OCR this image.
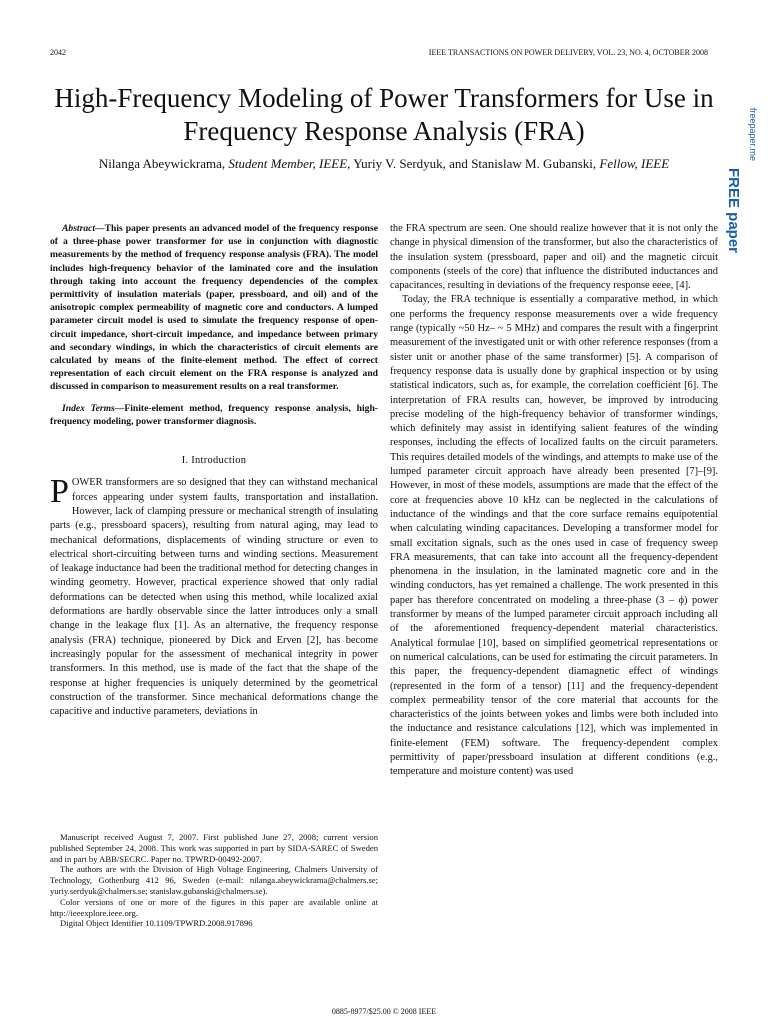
2042	IEEE TRANSACTIONS ON POWER DELIVERY, VOL. 23, NO. 4, OCTOBER 2008
High-Frequency Modeling of Power Transformers for Use in Frequency Response Analysis (FRA)
Nilanga Abeywickrama, Student Member, IEEE, Yuriy V. Serdyuk, and Stanislaw M. Gubanski, Fellow, IEEE
freepaper.me
FREE paper

Abstract—This paper presents an advanced model of the frequency response of a three-phase power transformer for use in conjunction with diagnostic measurements by the method of frequency response analysis (FRA). The model includes high-frequency behavior of the laminated core and the insulation through taking into account the frequency dependencies of the complex permittivity of insulation materials (paper, pressboard, and oil) and of the anisotropic complex permeability of magnetic core and conductors. A lumped parameter circuit model is used to simulate the frequency response of open-circuit impedance, short-circuit impedance, and impedance between primary and secondary windings, in which the characteristics of circuit elements are calculated by means of the finite-element method. The effect of correct representation of each circuit element on the FRA response is analyzed and discussed in comparison to measurement results on a real transformer.

Index Terms—Finite-element method, frequency response analysis, high-frequency modeling, power transformer diagnosis.

I. Introduction

POWER transformers are so designed that they can withstand mechanical forces appearing under system faults, transportation and installation. However, lack of clamping pressure or mechanical strength of insulating parts (e.g., pressboard spacers), resulting from natural aging, may lead to mechanical deformations, displacements of winding structure or even to electrical short-circuiting between turns and winding sections. Measurement of leakage inductance had been the traditional method for detecting changes in winding geometry. However, practical experience showed that only radial deformations can be detected when using this method, while localized axial deformations are hardly observable since the latter introduces only a small change in the leakage flux [1]. As an alternative, the frequency response analysis (FRA) technique, pioneered by Dick and Erven [2], has become increasingly popular for the assessment of mechanical integrity in power transformers. In this method, use is made of the fact that the shape of the response at higher frequencies is uniquely determined by the geometrical construction of the transformer. Since mechanical deformations change the capacitive and inductive parameters, deviations in

Manuscript received August 7, 2007. First published June 27, 2008; current version published September 24, 2008. This work was supported in part by SIDA-SAREC of Sweden and in part by ABB/SECRC. Paper no. TPWRD-00492-2007.

The authors are with the Division of High Voltage Engineering, Chalmers University of Technology, Gothenburg 412 96, Sweden (e-mail: nilanga.abeywickrama@chalmers.se; yuriy.serdyuk@chalmers.se; stanislaw.gubanski@chalmers.se).

Color versions of one or more of the figures in this paper are available online at http://ieeexplore.ieee.org.

Digital Object Identifier 10.1109/TPWRD.2008.917896

the FRA spectrum are seen. One should realize however that it is not only the change in physical dimension of the transformer, but also the characteristics of the insulation system (pressboard, paper and oil) and the magnetic circuit components (steels of the core) that influence the distributed inductances and capacitances, resulting in deviations of the frequency response eeee, [4].

Today, the FRA technique is essentially a comparative method, in which one performs the frequency response measurements over a wide frequency range (typically ~50 Hz– ~ 5 MHz) and compares the result with a fingerprint measurement of the investigated unit or with other reference responses (from a sister unit or another phase of the same transformer) [5]. A comparison of frequency response data is usually done by graphical inspection or by using statistical indicators, such as, for example, the correlation coefficient [6]. The interpretation of FRA results can, however, be improved by introducing precise modeling of the high-frequency behavior of transformer windings, which definitely may assist in identifying salient features of the winding responses, including the effects of localized faults on the circuit parameters. This requires detailed models of the windings, and attempts to make use of the lumped parameter circuit approach have already been presented [7]–[9]. However, in most of these models, assumptions are made that the effect of the core at frequencies above 10 kHz can be neglected in the calculations of inductance of the windings and that the core surface remains equipotential when calculating winding capacitances. Developing a transformer model for small excitation signals, such as the ones used in case of frequency sweep FRA measurements, that can take into account all the frequency-dependent phenomena in the insulation, in the laminated magnetic core and in the winding conductors, has yet remained a challenge. The work presented in this paper has therefore concentrated on modeling a three-phase (3 – ϕ) power transformer by means of the lumped parameter circuit approach including all of the aforementioned frequency-dependent material characteristics. Analytical formulae [10], based on simplified geometrical representations or on numerical calculations, can be used for estimating the circuit parameters. In this paper, the frequency-dependent diamagnetic effect of windings (represented in the form of a tensor) [11] and the frequency-dependent complex permeability tensor of the core material that accounts for the characteristics of the joints between yokes and limbs were both included into the inductance and resistance calculations [12], which was implemented in finite-element (FEM) software. The frequency-dependent complex permittivity of paper/pressboard insulation at different conditions (e.g., temperature and moisture content) was used

0885-8977/$25.00 © 2008 IEEE
